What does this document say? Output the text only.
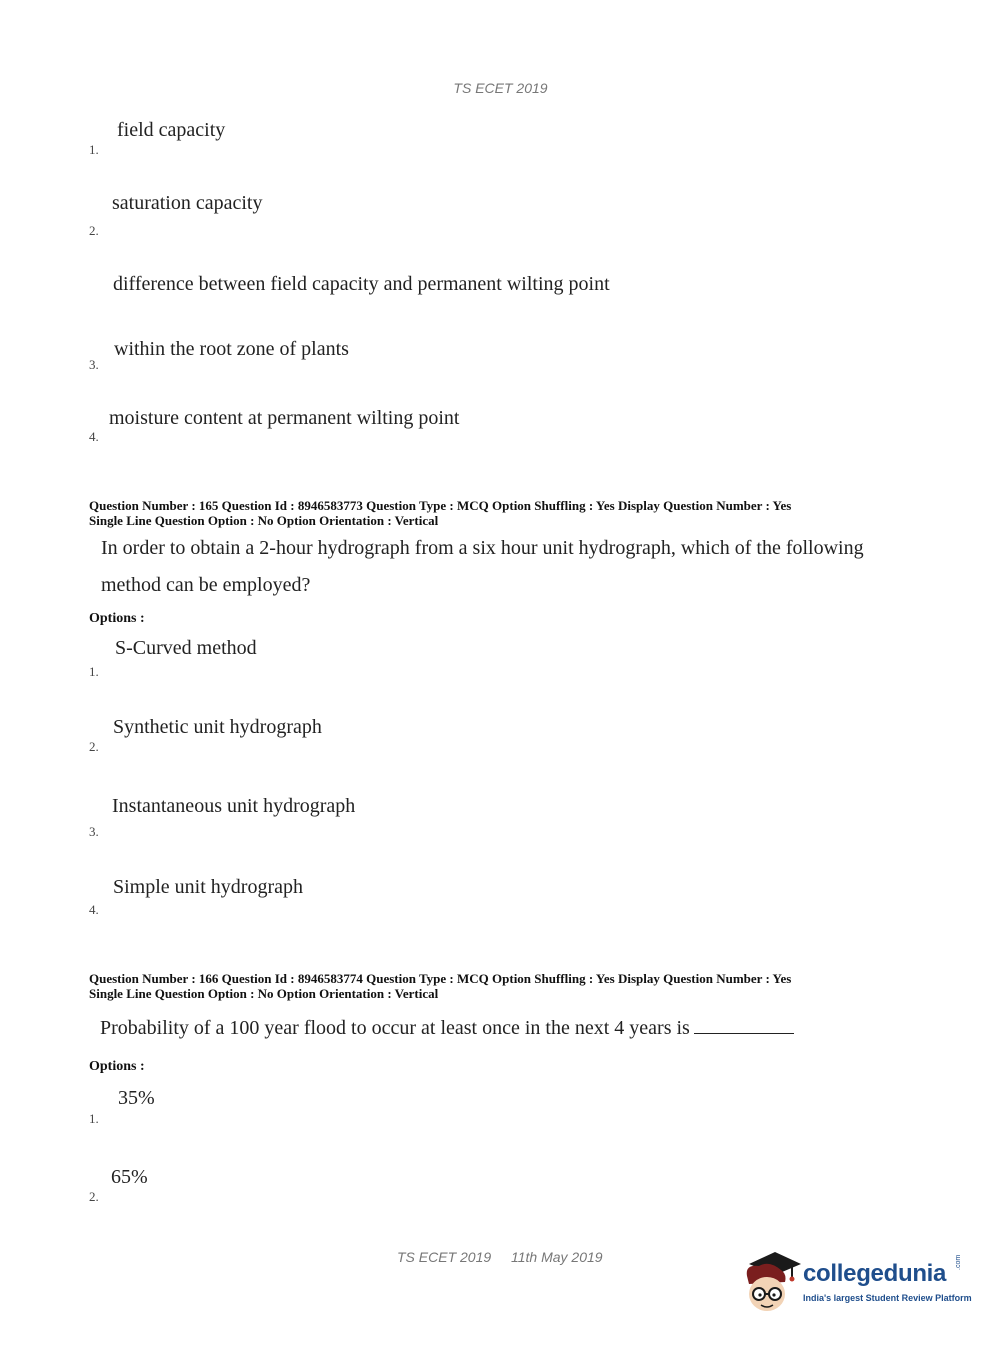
TS ECET 2019
field capacity
1.
saturation capacity
2.
difference between field capacity and permanent wilting point
within the root zone of plants
3.
moisture content at permanent wilting point
4.
Question Number : 165 Question Id : 8946583773 Question Type : MCQ Option Shuffling : Yes Display Question Number : Yes
Single Line Question Option : No Option Orientation : Vertical
In order to obtain a 2-hour hydrograph from a six hour unit hydrograph, which of the following
method can be employed?
Options :
S-Curved method
1.
Synthetic unit hydrograph
2.
Instantaneous unit hydrograph
3.
Simple unit hydrograph
4.
Question Number : 166 Question Id : 8946583774 Question Type : MCQ Option Shuffling : Yes Display Question Number : Yes
Single Line Question Option : No Option Orientation : Vertical
Probability of a 100 year flood to occur at least once in the next 4 years is
Options :
35%
1.
65%
2.
TS ECET 2019 11th May 2019
collegedunia .com
India's largest Student Review Platform
